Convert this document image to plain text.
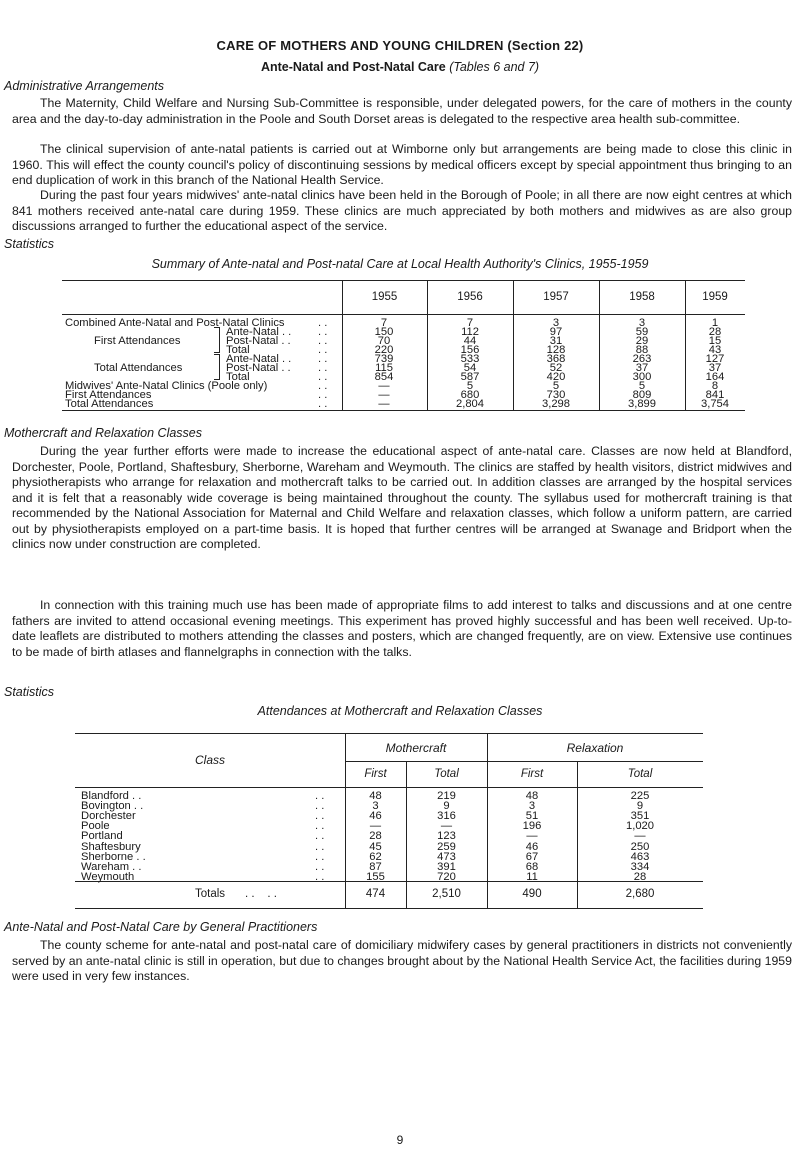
CARE OF MOTHERS AND YOUNG CHILDREN (Section 22)
Ante-Natal and Post-Natal Care (Tables 6 and 7)
Administrative Arrangements
The Maternity, Child Welfare and Nursing Sub-Committee is responsible, under delegated powers, for the care of mothers in the county area and the day-to-day administration in the Poole and South Dorset areas is delegated to the respective area health sub-committee.
The clinical supervision of ante-natal patients is carried out at Wimborne only but arrangements are being made to close this clinic in 1960. This will effect the county council's policy of discontinuing sessions by medical officers except by special appointment thus bringing to an end duplication of work in this branch of the National Health Service.
During the past four years midwives' ante-natal clinics have been held in the Borough of Poole; in all there are now eight centres at which 841 mothers received ante-natal care during 1959. These clinics are much appreciated by both mothers and midwives as are also group discussions arranged to further the educational aspect of the service.
Statistics
Summary of Ante-natal and Post-natal Care at Local Health Authority's Clinics, 1955-1959
	1955	1956	1957	1958	1959
Combined Ante-Natal and Post-Natal Clinics	. .	7	7	3	3	1
Ante-Natal . . . .	150	112	97	59	28
First Attendances	Post-Natal . . . .	70	44	31	29	15
Total	. .	220	156	128	88	43
Ante-Natal . . . .	739	533	368	263	127
Total Attendances	Post-Natal . . . .	115	54	52	37	37
Total	. .	854	587	420	300	164
Midwives' Ante-Natal Clinics (Poole only)	. .	—	5	5	5	8
First Attendances	. .	—	680	730	809	841
Total Attendances	. .	—	2,804	3,298	3,899	3,754
Mothercraft and Relaxation Classes
During the year further efforts were made to increase the educational aspect of ante-natal care. Classes are now held at Blandford, Dorchester, Poole, Portland, Shaftesbury, Sherborne, Wareham and Weymouth. The clinics are staffed by health visitors, district midwives and physiotherapists who arrange for relaxation and mothercraft talks to be carried out. In addition classes are arranged by the hospital services and it is felt that a reasonably wide coverage is being maintained throughout the county. The syllabus used for mothercraft training is that recommended by the National Association for Maternal and Child Welfare and relaxation classes, which follow a uniform pattern, are carried out by physiotherapists employed on a part-time basis. It is hoped that further centres will be arranged at Swanage and Bridport when the clinics now under construction are completed.
In connection with this training much use has been made of appropriate films to add interest to talks and discussions and at one centre fathers are invited to attend occasional evening meetings. This experiment has proved highly successful and has been well received. Up-to-date leaflets are distributed to mothers attending the classes and posters, which are changed frequently, are on view. Extensive use continues to be made of birth atlases and flannelgraphs in connection with the talks.
Statistics
Attendances at Mothercraft and Relaxation Classes
Class
Mothercraft	Relaxation
First	Total	First	Total
Blandford . .	. .	48	219	48	225
Bovington . .	. .	3	9	3	9
Dorchester	. .	46	316	51	351
Poole	. .	—	—	196	1,020
Portland	. .	28	123	—	—
Shaftesbury	. .	45	259	46	250
Sherborne . .	. .	62	473	67	463
Wareham . .	. .	87	391	68	334
Weymouth	. .	155	720	11	28
Totals . .    . .	474	2,510	490	2,680
Ante-Natal and Post-Natal Care by General Practitioners
The county scheme for ante-natal and post-natal care of domiciliary midwifery cases by general practitioners in districts not conveniently served by an ante-natal clinic is still in operation, but due to changes brought about by the National Health Service Act, the facilities during 1959 were used in very few instances.
9
